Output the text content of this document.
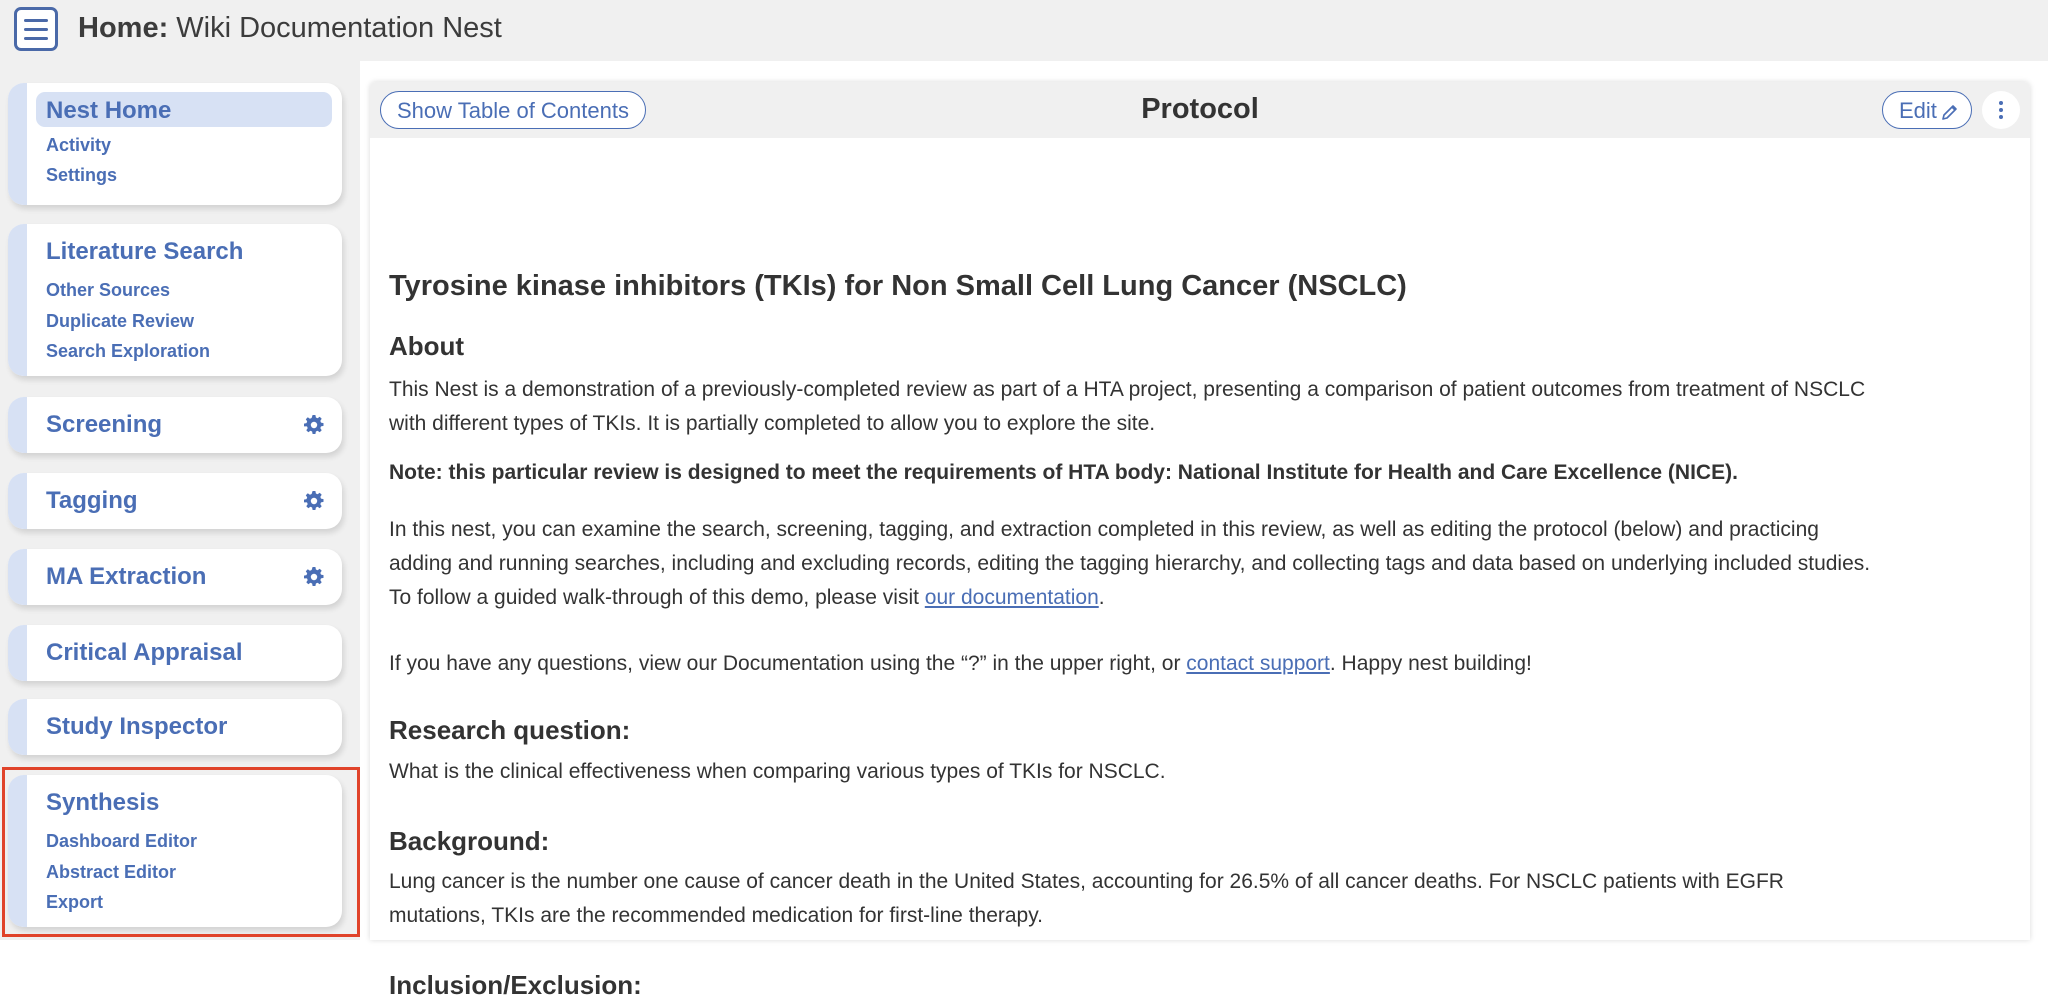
Home: Wiki Documentation Nest
Nest Home
Activity
Settings
Literature Search
Other Sources
Duplicate Review
Search Exploration
Screening
Tagging
MA Extraction
Critical Appraisal
Study Inspector
Synthesis
Dashboard Editor
Abstract Editor
Export
Show Table of Contents	Protocol	Edit
Tyrosine kinase inhibitors (TKIs) for Non Small Cell Lung Cancer (NSCLC)
About

This Nest is a demonstration of a previously-completed review as part of a HTA project, presenting a comparison of patient outcomes from treatment of NSCLC with different types of TKIs. It is partially completed to allow you to explore the site.

Note: this particular review is designed to meet the requirements of HTA body: National Institute for Health and Care Excellence (NICE).

In this nest, you can examine the search, screening, tagging, and extraction completed in this review, as well as editing the protocol (below) and practicing adding and running searches, including and excluding records, editing the tagging hierarchy, and collecting tags and data based on underlying included studies. To follow a guided walk-through of this demo, please visit our documentation.

If you have any questions, view our Documentation using the “?” in the upper right, or contact support. Happy nest building!

Research question:

What is the clinical effectiveness when comparing various types of TKIs for NSCLC.

Background:

Lung cancer is the number one cause of cancer death in the United States, accounting for 26.5% of all cancer deaths. For NSCLC patients with EGFR mutations, TKIs are the recommended medication for first-line therapy.

Inclusion/Exclusion:
